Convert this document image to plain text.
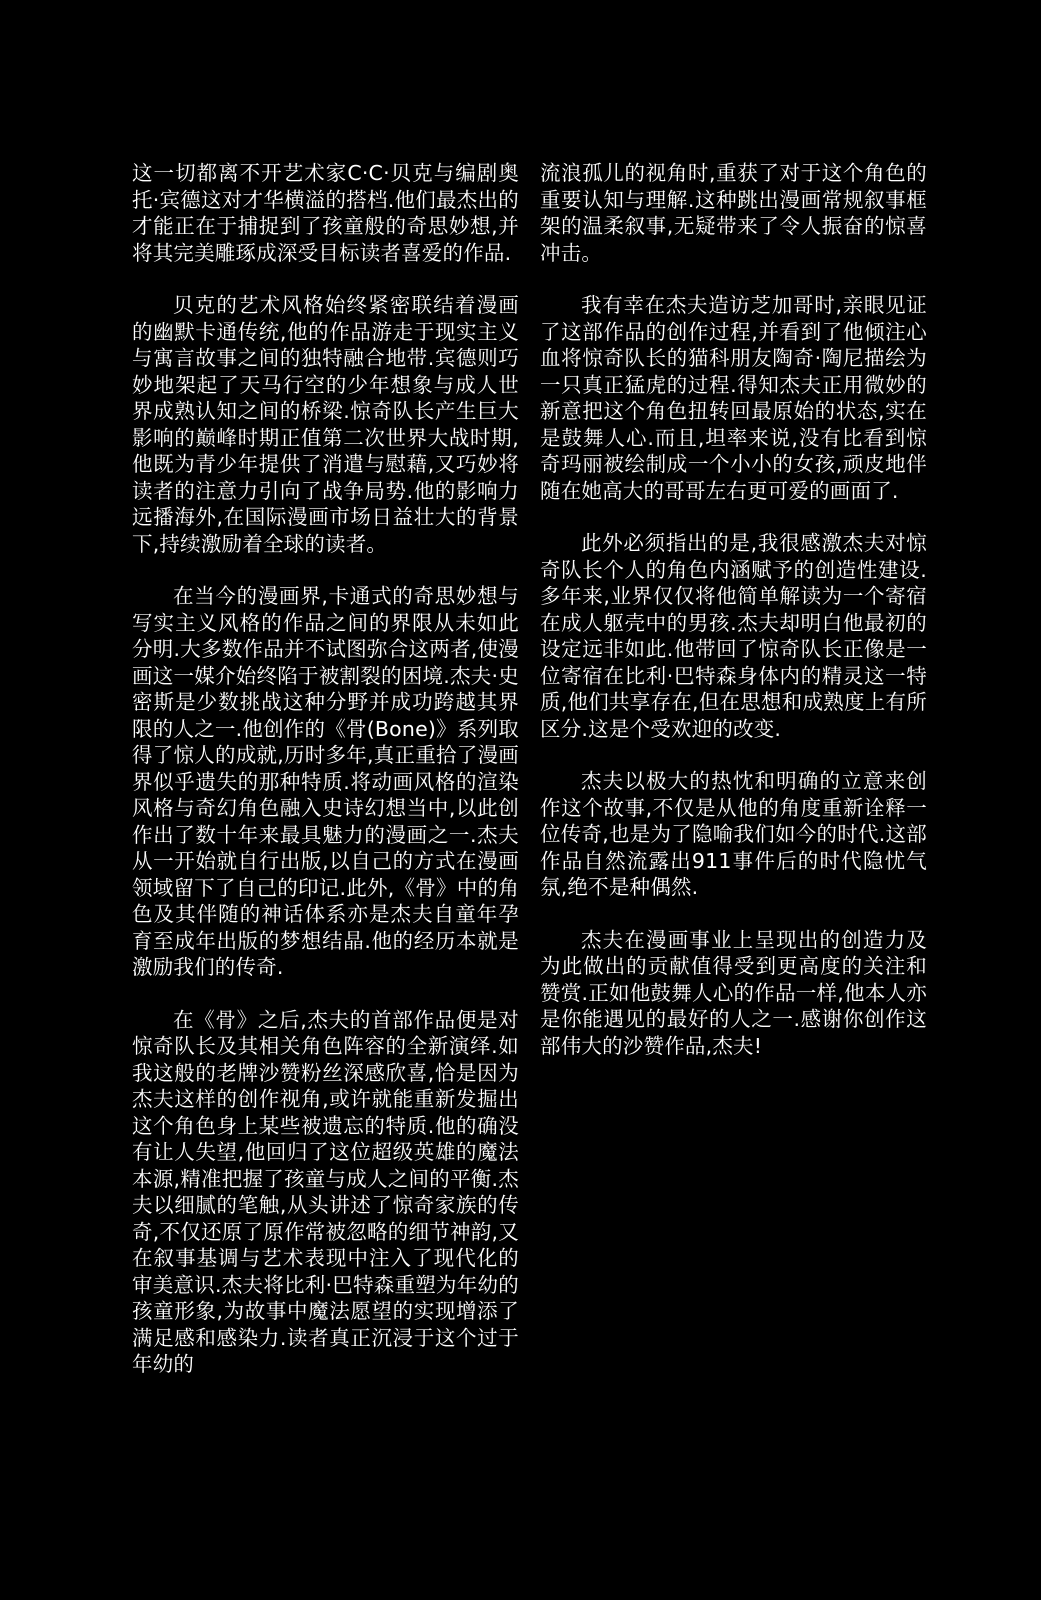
这一切都离不开艺术家C·C·贝克与编剧奥托·宾德这对才华横溢的搭档.他们最杰出的才能正在于捕捉到了孩童般的奇思妙想,并将其完美雕琢成深受目标读者喜爱的作品.

贝克的艺术风格始终紧密联结着漫画的幽默卡通传统,他的作品游走于现实主义与寓言故事之间的独特融合地带.宾德则巧妙地架起了天马行空的少年想象与成人世界成熟认知之间的桥梁.惊奇队长产生巨大影响的巅峰时期正值第二次世界大战时期,他既为青少年提供了消遣与慰藉,又巧妙将读者的注意力引向了战争局势.他的影响力远播海外,在国际漫画市场日益壮大的背景下,持续激励着全球的读者。

在当今的漫画界,卡通式的奇思妙想与写实主义风格的作品之间的界限从未如此分明.大多数作品并不试图弥合这两者,使漫画这一媒介始终陷于被割裂的困境.杰夫·史密斯是少数挑战这种分野并成功跨越其界限的人之一.他创作的《骨(Bone)》系列取得了惊人的成就,历时多年,真正重拾了漫画界似乎遗失的那种特质.将动画风格的渲染风格与奇幻角色融入史诗幻想当中,以此创作出了数十年来最具魅力的漫画之一.杰夫从一开始就自行出版,以自己的方式在漫画领域留下了自己的印记.此外,《骨》中的角色及其伴随的神话体系亦是杰夫自童年孕育至成年出版的梦想结晶.他的经历本就是激励我们的传奇.

在《骨》之后,杰夫的首部作品便是对惊奇队长及其相关角色阵容的全新演绎.如我这般的老牌沙赞粉丝深感欣喜,恰是因为杰夫这样的创作视角,或许就能重新发掘出这个角色身上某些被遗忘的特质.他的确没有让人失望,他回归了这位超级英雄的魔法本源,精准把握了孩童与成人之间的平衡.杰夫以细腻的笔触,从头讲述了惊奇家族的传奇,不仅还原了原作常被忽略的细节神韵,又在叙事基调与艺术表现中注入了现代化的审美意识.杰夫将比利·巴特森重塑为年幼的孩童形象,为故事中魔法愿望的实现增添了满足感和感染力.读者真正沉浸于这个过于年幼的

流浪孤儿的视角时,重获了对于这个角色的重要认知与理解.这种跳出漫画常规叙事框架的温柔叙事,无疑带来了令人振奋的惊喜冲击。

我有幸在杰夫造访芝加哥时,亲眼见证了这部作品的创作过程,并看到了他倾注心血将惊奇队长的猫科朋友陶奇·陶尼描绘为一只真正猛虎的过程.得知杰夫正用微妙的新意把这个角色扭转回最原始的状态,实在是鼓舞人心.而且,坦率来说,没有比看到惊奇玛丽被绘制成一个小小的女孩,顽皮地伴随在她高大的哥哥左右更可爱的画面了.

此外必须指出的是,我很感激杰夫对惊奇队长个人的角色内涵赋予的创造性建设.多年来,业界仅仅将他简单解读为一个寄宿在成人躯壳中的男孩.杰夫却明白他最初的设定远非如此.他带回了惊奇队长正像是一位寄宿在比利·巴特森身体内的精灵这一特质,他们共享存在,但在思想和成熟度上有所区分.这是个受欢迎的改变.

杰夫以极大的热忱和明确的立意来创作这个故事,不仅是从他的角度重新诠释一位传奇,也是为了隐喻我们如今的时代.这部作品自然流露出911事件后的时代隐忧气氛,绝不是种偶然.

杰夫在漫画事业上呈现出的创造力及为此做出的贡献值得受到更高度的关注和赞赏.正如他鼓舞人心的作品一样,他本人亦是你能遇见的最好的人之一.感谢你创作这部伟大的沙赞作品,杰夫!
